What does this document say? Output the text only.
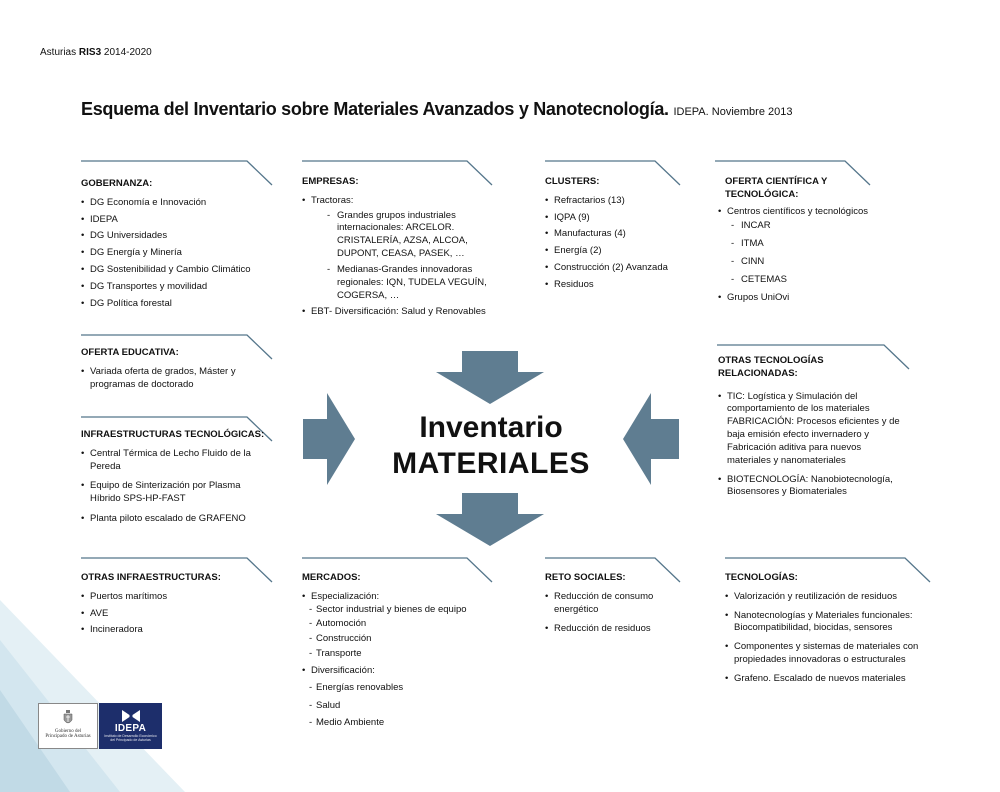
Asturias RIS3 2014-2020
Esquema del Inventario sobre Materiales Avanzados y Nanotecnología. IDEPA. Noviembre 2013
GOBERNANZA:
• DG Economía e Innovación
• IDEPA
• DG Universidades
• DG Energía y Minería
• DG Sostenibilidad y Cambio Climático
• DG Transportes y movilidad
• DG Política forestal
EMPRESAS:
• Tractoras:
- Grandes grupos industriales internacionales: ARCELOR. CRISTALERÍA, AZSA, ALCOA, DUPONT, CEASA, PASEK, …
- Medianas-Grandes innovadoras regionales: IQN, TUDELA VEGUÍN, COGERSA, …
• EBT- Diversificación: Salud y Renovables
CLUSTERS:
• Refractarios (13)
• IQPA (9)
• Manufacturas (4)
• Energía (2)
• Construcción (2) Avanzada
• Residuos
OFERTA CIENTÍFICA Y
TECNOLÓGICA:
• Centros científicos y tecnológicos
- INCAR
- ITMA
- CINN
- CETEMAS
• Grupos UniOvi
OFERTA EDUCATIVA:
• Variada oferta de grados, Máster y programas de doctorado
INFRAESTRUCTURAS TECNOLÓGICAS:
• Central Térmica de Lecho Fluido de la Pereda
• Equipo de Sinterización por Plasma Híbrido SPS-HP-FAST
• Planta piloto escalado de GRAFENO
Inventario
MATERIALES
OTRAS TECNOLOGÍAS
RELACIONADAS:
• TIC: Logística y Simulación del comportamiento de los materiales FABRICACIÓN: Procesos eficientes y de baja emisión efecto invernadero y Fabricación aditiva para nuevos materiales y nanomateriales
• BIOTECNOLOGÍA: Nanobiotecnología, Biosensores y Biomateriales
OTRAS INFRAESTRUCTURAS:
• Puertos marítimos
• AVE
• Incineradora
MERCADOS:
• Especialización:
- Sector industrial y bienes de equipo
- Automoción
- Construcción
- Transporte
• Diversificación:
- Energías renovables
- Salud
- Medio Ambiente
RETO SOCIALES:
• Reducción de consumo energético
• Reducción de residuos
TECNOLOGÍAS:
• Valorización y reutilización de residuos
• Nanotecnologías y Materiales funcionales: Biocompatibilidad, biocidas, sensores
• Componentes y sistemas de materiales con propiedades innovadoras o estructurales
• Grafeno. Escalado de nuevos materiales
Gobierno del
Principado de Asturias
IDEPA
Instituto de Desarrollo Económico
del Principado de Asturias
